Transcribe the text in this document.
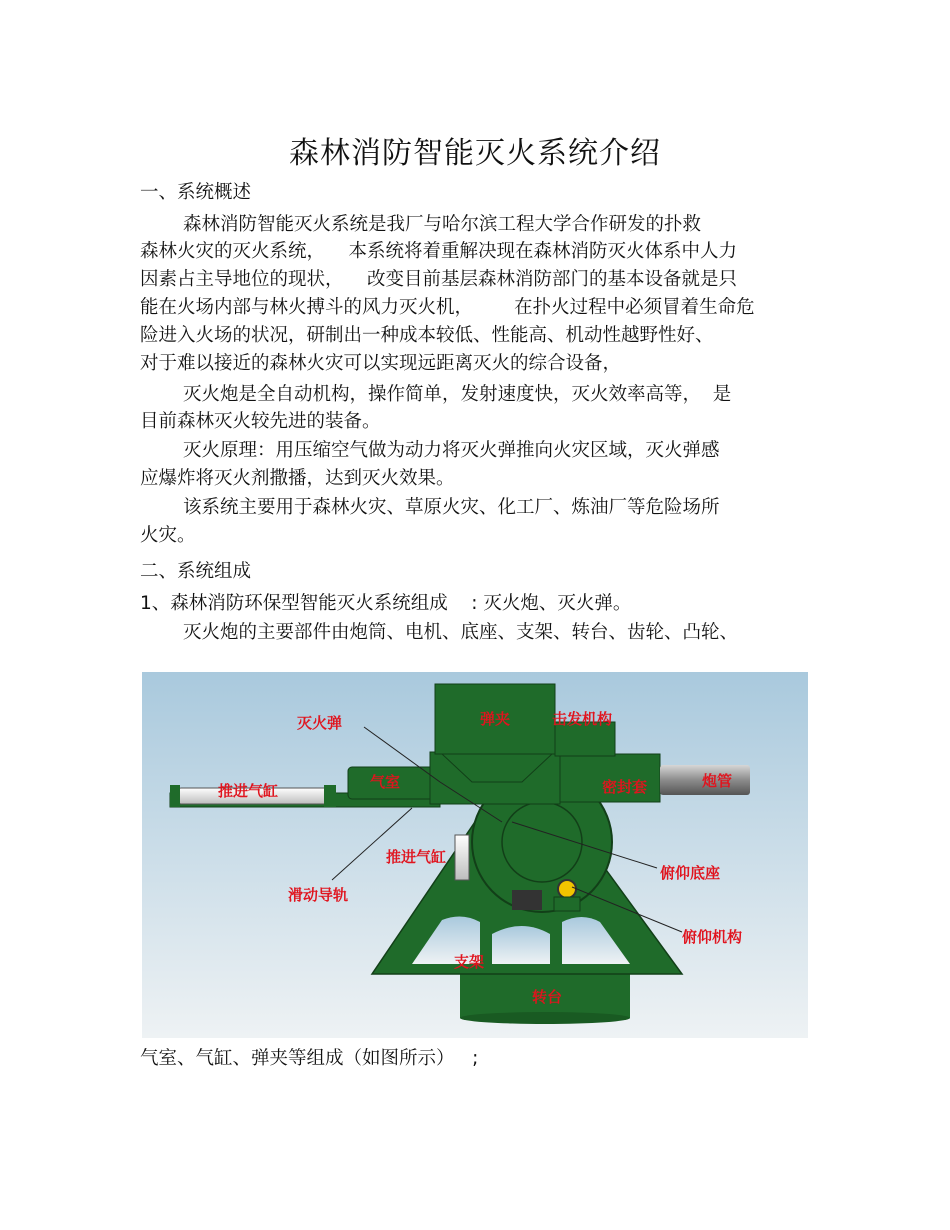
森林消防智能灭火系统介绍
一、系统概述
森林消防智能灭火系统是我厂与哈尔滨工程大学合作研发的扑救
森林火灾的灭火系统，    本系统将着重解决现在森林消防灭火体系中人力
因素占主导地位的现状，    改变目前基层森林消防部门的基本设备就是只
能在火场内部与林火搏斗的风力灭火机，       在扑火过程中必须冒着生命危
险进入火场的状况，研制出一种成本较低、性能高、机动性越野性好、
对于难以接近的森林火灾可以实现远距离灭火的综合设备，
灭火炮是全自动机构，操作简单，发射速度快，灭火效率高等，  是
目前森林灭火较先进的装备。
灭火原理：用压缩空气做为动力将灭火弹推向火灾区域，灭火弹感
应爆炸将灭火剂撒播，达到灭火效果。
该系统主要用于森林火灾、草原火灾、化工厂、炼油厂等危险场所
火灾。
二、系统组成
1、森林消防环保型智能灭火系统组成    : 灭火炮、灭火弹。
灭火炮的主要部件由炮筒、电机、底座、支架、转台、齿轮、凸轮、
灭火弹	弹夹	击发机构
推进气缸	气室	密封套	炮管
推进气缸
滑动导轨
俯仰底座
俯仰机构
支架
转台
气室、气缸、弹夹等组成（如图所示）   ;
